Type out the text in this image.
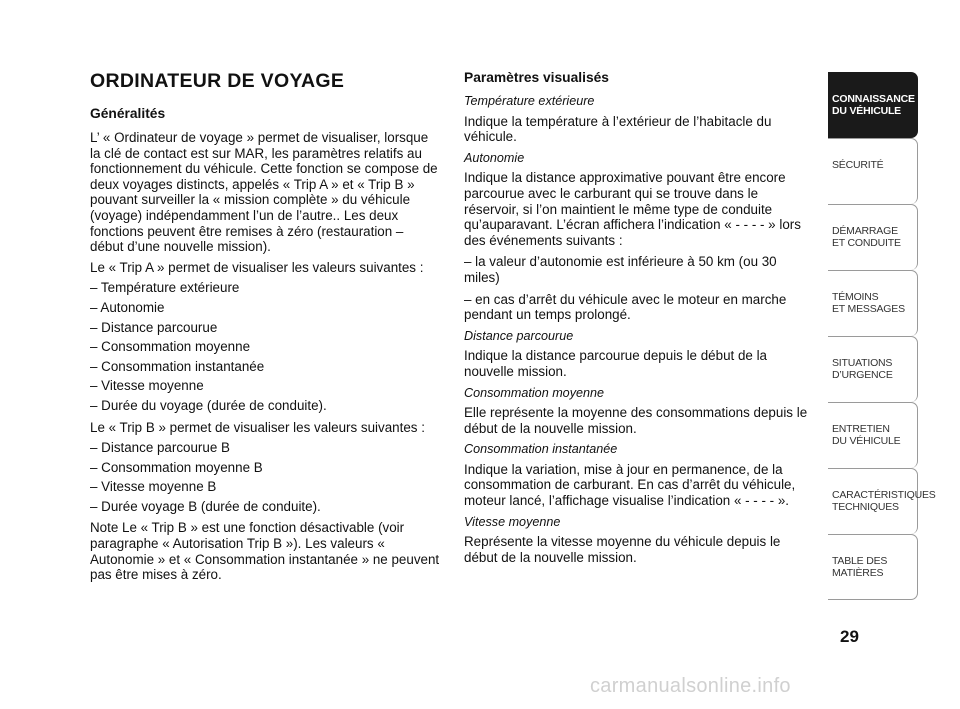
ORDINATEUR DE VOYAGE
Généralités

L’ « Ordinateur de voyage » permet de visualiser, lorsque la clé de contact est sur MAR, les paramètres relatifs au fonctionnement du véhicule. Cette fonction se compose de deux voyages distincts, appelés « Trip A » et « Trip B » pouvant surveiller la « mission complète » du véhicule (voyage) indépendamment l’un de l’autre.. Les deux fonctions peuvent être remises à zéro (restauration – début d’une nouvelle mission).

Le « Trip A » permet de visualiser les valeurs suivantes :

– Température extérieure
– Autonomie
– Distance parcourue
– Consommation moyenne
– Consommation instantanée
– Vitesse moyenne
– Durée du voyage (durée de conduite).

Le « Trip B » permet de visualiser les valeurs suivantes :

– Distance parcourue B
– Consommation moyenne B
– Vitesse moyenne B
– Durée voyage B (durée de conduite).

Note Le « Trip B » est une fonction désactivable (voir paragraphe « Autorisation Trip B »). Les valeurs « Autonomie » et « Consommation instantanée » ne peuvent pas être mises à zéro.

Paramètres visualisés
Température extérieure

Indique la température à l’extérieur de l’habitacle du véhicule.

Autonomie

Indique la distance approximative pouvant être encore parcourue avec le carburant qui se trouve dans le réservoir, si l’on maintient le même type de conduite qu’auparavant. L’écran affichera l’indication « - - - - » lors des événements suivants :

– la valeur d’autonomie est inférieure à 50 km (ou 30 miles)

– en cas d’arrêt du véhicule avec le moteur en marche pendant un temps prolongé.

Distance parcourue

Indique la distance parcourue depuis le début de la nouvelle mission.

Consommation moyenne

Elle représente la moyenne des consommations depuis le début de la nouvelle mission.

Consommation instantanée

Indique la variation, mise à jour en permanence, de la consommation de carburant. En cas d’arrêt du véhicule, moteur lancé, l’affichage visualise l’indication « - - - - ».

Vitesse moyenne

Représente la vitesse moyenne du véhicule depuis le début de la nouvelle mission.

CONNAISSANCE
DU VÉHICULE
SÉCURITÉ
DÉMARRAGE
ET CONDUITE
TÉMOINS
ET MESSAGES
SITUATIONS
D’URGENCE
ENTRETIEN
DU VÉHICULE
CARACTÉRISTIQUES
TECHNIQUES
TABLE DES
MATIÈRES
29
carmanualsonline.info
